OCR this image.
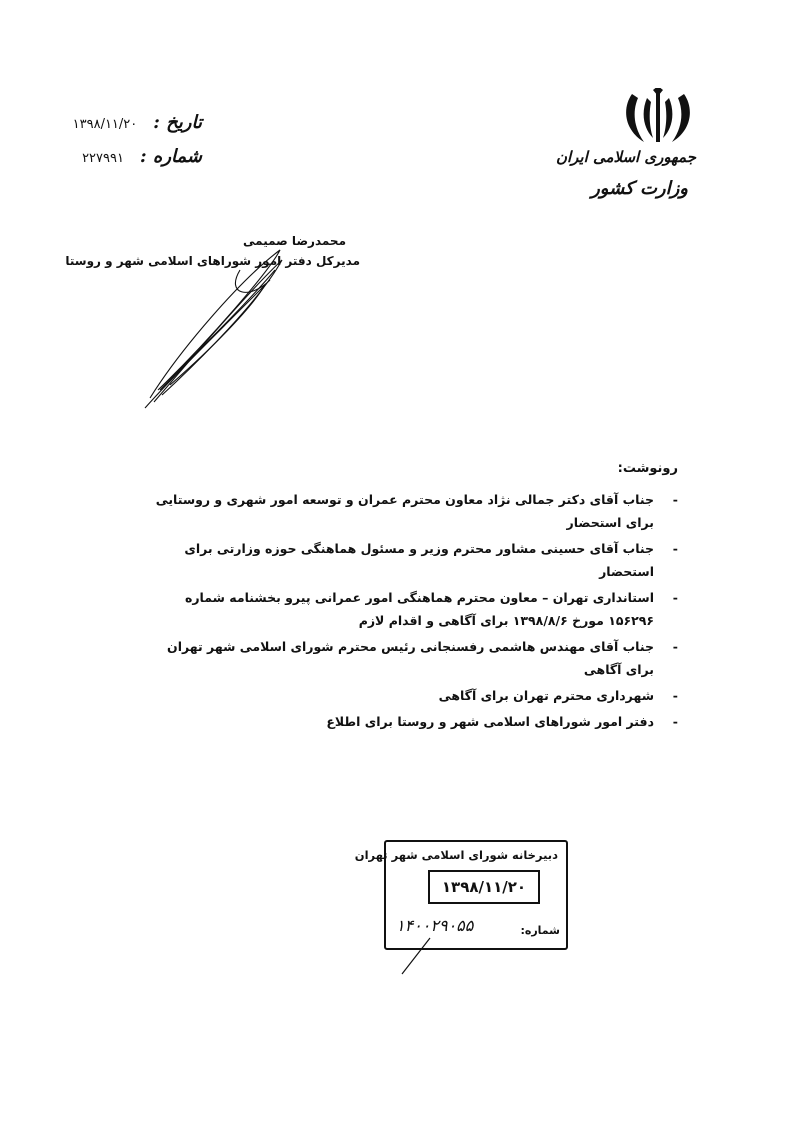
جمهوری اسلامی ایران
وزارت کشور
تاریخ :
۱۳۹۸/۱۱/۲۰
شماره :
۲۲۷۹۹۱
محمدرضا صمیمی
مدیرکل دفتر امور شوراهای اسلامی شهر و روستا
رونوشت:
-
جناب آقای دکتر جمالی نژاد معاون محترم عمران و توسعه امور شهری و روستایی برای استحضار
-
جناب آقای حسینی مشاور محترم وزیر و مسئول هماهنگی حوزه وزارتی برای استحضار
-
استانداری تهران – معاون محترم هماهنگی امور عمرانی پیرو بخشنامه شماره ۱۵۶۲۹۶ مورخ ۱۳۹۸/۸/۶ برای آگاهی و اقدام لازم
-
جناب آقای مهندس هاشمی رفسنجانی رئیس محترم شورای اسلامی شهر تهران برای آگاهی
-
شهرداری محترم تهران برای آگاهی
-
دفتر امور شوراهای اسلامی شهر و روستا برای اطلاع
دبیرخانه شورای اسلامی شهر تهران
۱۳۹۸/۱۱/۲۰
شماره:
۱۴۰۰۲۹۰۵۵
